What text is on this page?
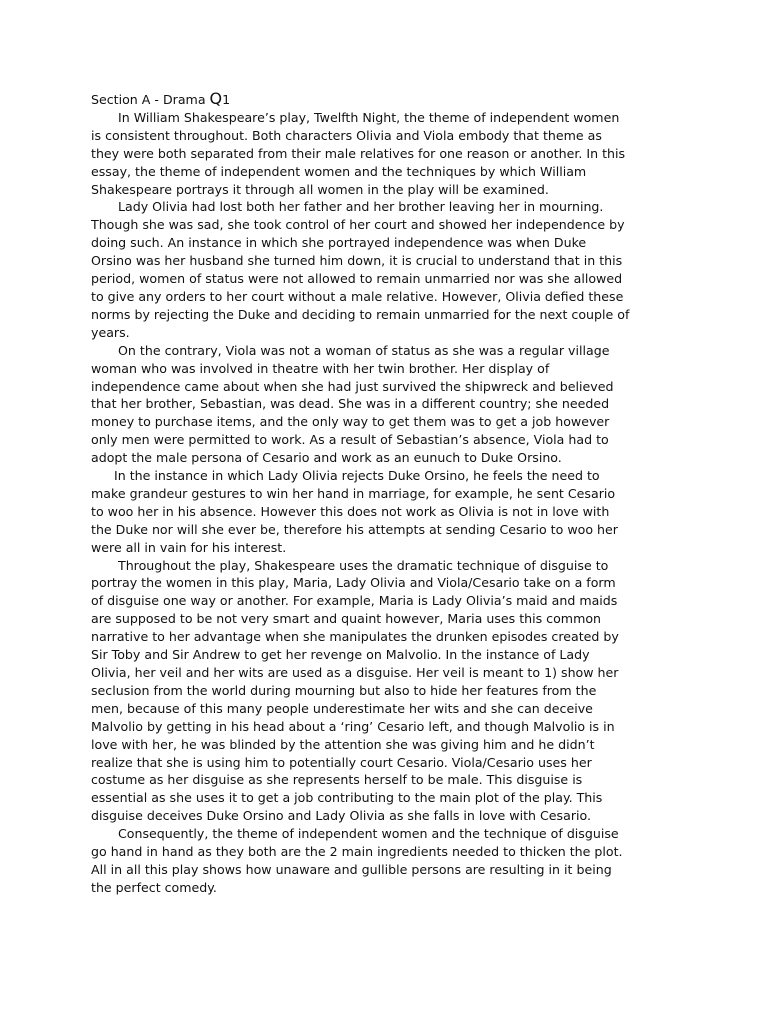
Section A - Drama Q1

In William Shakespeare’s play, Twelfth Night, the theme of independent women is consistent throughout. Both characters Olivia and Viola embody that theme as they were both separated from their male relatives for one reason or another. In this essay, the theme of independent women and the techniques by which William Shakespeare portrays it through all women in the play will be examined.

Lady Olivia had lost both her father and her brother leaving her in mourning. Though she was sad, she took control of her court and showed her independence by doing such. An instance in which she portrayed independence was when Duke Orsino was her husband she turned him down, it is crucial to understand that in this period, women of status were not allowed to remain unmarried nor was she allowed to give any orders to her court without a male relative. However, Olivia defied these norms by rejecting the Duke and deciding to remain unmarried for the next couple of years.

On the contrary, Viola was not a woman of status as she was a regular village woman who was involved in theatre with her twin brother. Her display of independence came about when she had just survived the shipwreck and believed that her brother, Sebastian, was dead. She was in a different country; she needed money to purchase items, and the only way to get them was to get a job however only men were permitted to work. As a result of Sebastian’s absence, Viola had to adopt the male persona of Cesario and work as an eunuch to Duke Orsino.

In the instance in which Lady Olivia rejects Duke Orsino, he feels the need to make grandeur gestures to win her hand in marriage, for example, he sent Cesario to woo her in his absence. However this does not work as Olivia is not in love with the Duke nor will she ever be, therefore his attempts at sending Cesario to woo her were all in vain for his interest.

Throughout the play, Shakespeare uses the dramatic technique of disguise to portray the women in this play, Maria, Lady Olivia and Viola/Cesario take on a form of disguise one way or another. For example, Maria is Lady Olivia’s maid and maids are supposed to be not very smart and quaint however, Maria uses this common narrative to her advantage when she manipulates the drunken episodes created by Sir Toby and Sir Andrew to get her revenge on Malvolio. In the instance of Lady Olivia, her veil and her wits are used as a disguise. Her veil is meant to 1) show her seclusion from the world during mourning but also to hide her features from the men, because of this many people underestimate her wits and she can deceive Malvolio by getting in his head about a ‘ring’ Cesario left, and though Malvolio is in love with her, he was blinded by the attention she was giving him and he didn’t realize that she is using him to potentially court Cesario. Viola/Cesario uses her costume as her disguise as she represents herself to be male. This disguise is essential as she uses it to get a job contributing to the main plot of the play. This disguise deceives Duke Orsino and Lady Olivia as she falls in love with Cesario.

Consequently, the theme of independent women and the technique of disguise go hand in hand as they both are the 2 main ingredients needed to thicken the plot. All in all this play shows how unaware and gullible persons are resulting in it being the perfect comedy.
